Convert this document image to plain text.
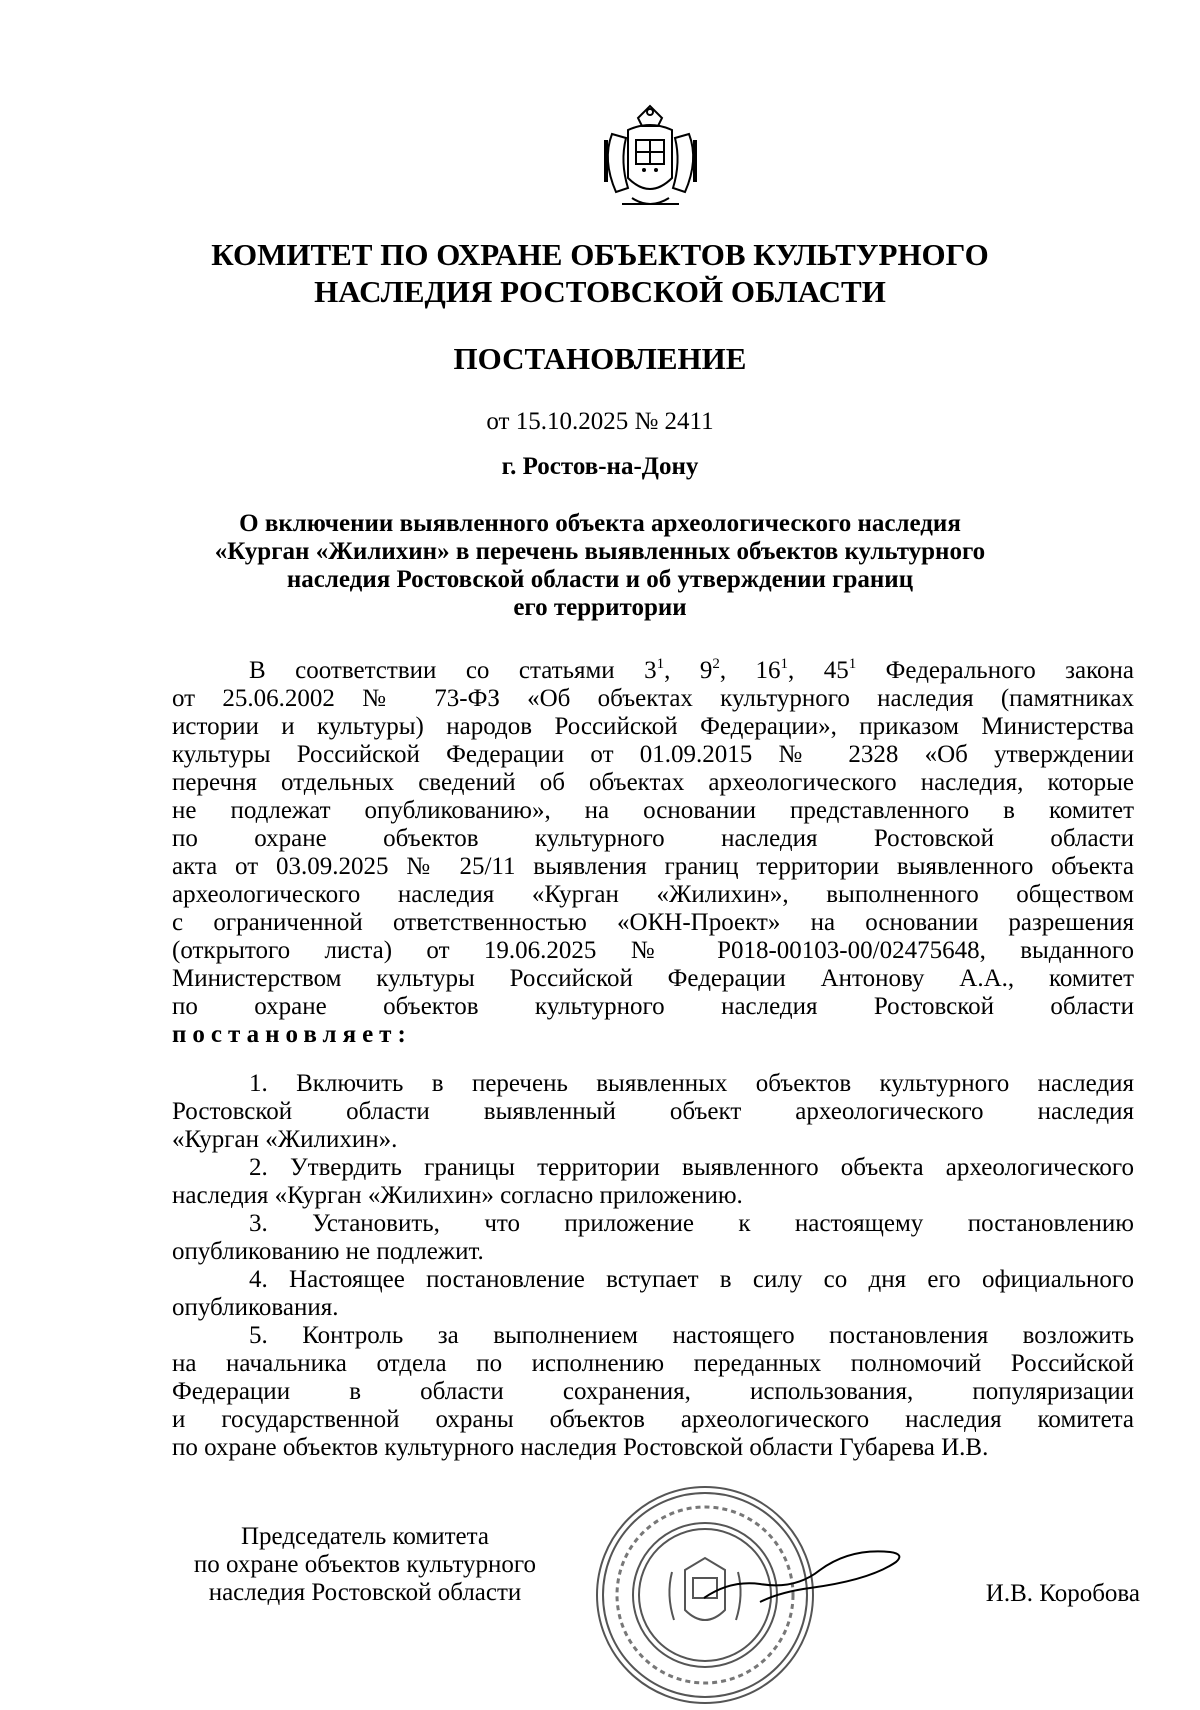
КОМИТЕТ ПО ОХРАНЕ ОБЪЕКТОВ КУЛЬТУРНОГО
НАСЛЕДИЯ РОСТОВСКОЙ ОБЛАСТИ
ПОСТАНОВЛЕНИЕ
от 15.10.2025 № 2411
г. Ростов-на-Дону
О включении выявленного объекта археологического наследия
«Курган «Жилихин» в перечень выявленных объектов культурного
наследия Ростовской области и об утверждении границ
его территории
В соответствии со статьями $3^1$, $9^2$, $16^1$, $45^1$ Федерального закона
от 25.06.2002 № 73-ФЗ «Об объектах культурного наследия (памятниках
истории и культуры) народов Российской Федерации», приказом Министерства
культуры Российской Федерации от 01.09.2015 № 2328 «Об утверждении
перечня отдельных сведений об объектах археологического наследия, которые
не подлежат опубликованию», на основании представленного в комитет
по охране объектов культурного наследия Ростовской области
акта от 03.09.2025 № 25/11 выявления границ территории выявленного объекта
археологического наследия «Курган «Жилихин», выполненного обществом
с ограниченной ответственностью «ОКН-Проект» на основании разрешения
(открытого листа) от 19.06.2025 № Р018-00103-00/02475648, выданного
Министерством культуры Российской Федерации Антонову А.А., комитет
по охране объектов культурного наследия Ростовской области
постановляет:

1. Включить в перечень выявленных объектов культурного наследия
Ростовской области выявленный объект археологического наследия
«Курган «Жилихин».

2. Утвердить границы территории выявленного объекта археологического
наследия «Курган «Жилихин» согласно приложению.

3. Установить, что приложение к настоящему постановлению
опубликованию не подлежит.

4. Настоящее постановление вступает в силу со дня его официального
опубликования.

5. Контроль за выполнением настоящего постановления возложить
на начальника отдела по исполнению переданных полномочий Российской
Федерации в области сохранения, использования, популяризации
и государственной охраны объектов археологического наследия комитета
по охране объектов культурного наследия Ростовской области Губарева И.В.

Председатель комитета
по охране объектов культурного
наследия Ростовской области	И.В. Коробова
